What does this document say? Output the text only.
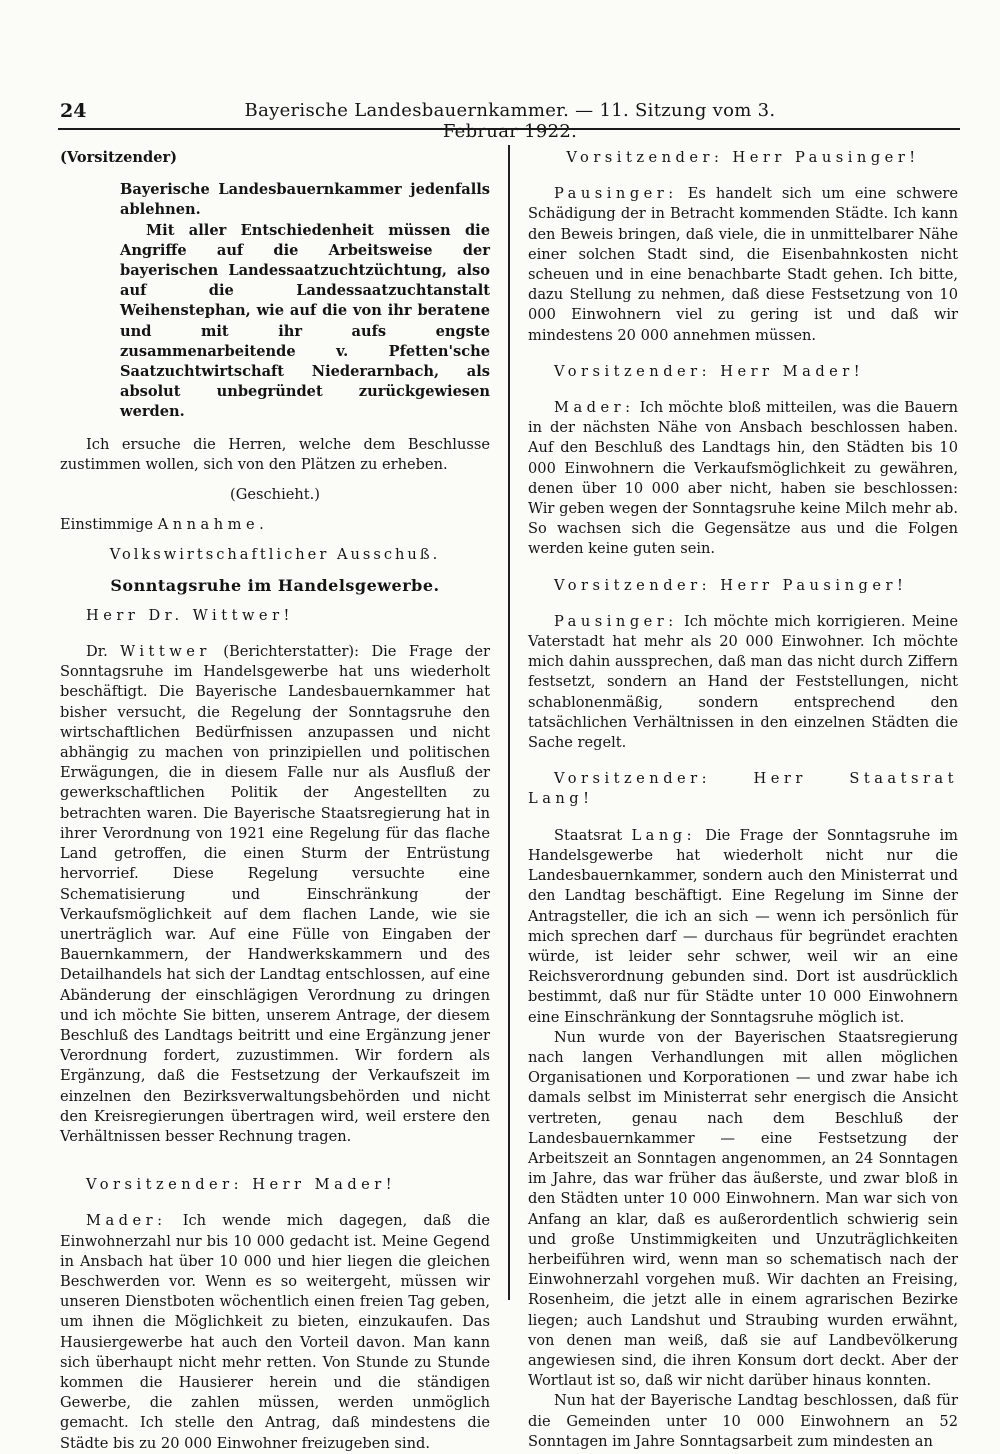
24	Bayerische Landesbauernkammer. — 11. Sitzung vom 3. Februar 1922.

(Vorsitzender)

Bayerische Landesbauernkammer jedenfalls ablehnen.

Mit aller Entschiedenheit müssen die Angriffe auf die Arbeitsweise der bayerischen Landessaatzuchtzüchtung, also auf die Landessaatzuchtanstalt Weihenstephan, wie auf die von ihr beratene und mit ihr aufs engste zusammenarbeitende v. Pfetten'sche Saatzuchtwirtschaft Niederarnbach, als absolut unbegründet zurückgewiesen werden.

Ich ersuche die Herren, welche dem Beschlusse zustimmen wollen, sich von den Plätzen zu erheben.

(Geschieht.)

Einstimmige Annahme.

Volkswirtschaftlicher Ausschuß.

Sonntagsruhe im Handelsgewerbe.

Herr Dr. Wittwer!

Dr. Wittwer (Berichterstatter): Die Frage der Sonntagsruhe im Handelsgewerbe hat uns wiederholt beschäftigt. Die Bayerische Landesbauernkammer hat bisher versucht, die Regelung der Sonntagsruhe den wirtschaftlichen Bedürfnissen anzupassen und nicht abhängig zu machen von prinzipiellen und politischen Erwägungen, die in diesem Falle nur als Ausfluß der gewerkschaftlichen Politik der Angestellten zu betrachten waren. Die Bayerische Staatsregierung hat in ihrer Verordnung von 1921 eine Regelung für das flache Land getroffen, die einen Sturm der Entrüstung hervorrief. Diese Regelung versuchte eine Schematisierung und Einschränkung der Verkaufsmöglichkeit auf dem flachen Lande, wie sie unerträglich war. Auf eine Fülle von Eingaben der Bauernkammern, der Handwerkskammern und des Detailhandels hat sich der Landtag entschlossen, auf eine Abänderung der einschlägigen Verordnung zu dringen und ich möchte Sie bitten, unserem Antrage, der diesem Beschluß des Landtags beitritt und eine Ergänzung jener Verordnung fordert, zuzustimmen. Wir fordern als Ergänzung, daß die Festsetzung der Verkaufszeit im einzelnen den Bezirksverwaltungsbehörden und nicht den Kreisregierungen übertragen wird, weil erstere den Verhältnissen besser Rechnung tragen.

Vorsitzender: Herr Mader!

Mader: Ich wende mich dagegen, daß die Einwohnerzahl nur bis 10 000 gedacht ist. Meine Gegend in Ansbach hat über 10 000 und hier liegen die gleichen Beschwerden vor. Wenn es so weitergeht, müssen wir unseren Dienstboten wöchentlich einen freien Tag geben, um ihnen die Möglichkeit zu bieten, einzukaufen. Das Hausiergewerbe hat auch den Vorteil davon. Man kann sich überhaupt nicht mehr retten. Von Stunde zu Stunde kommen die Hausierer herein und die ständigen Gewerbe, die zahlen müssen, werden unmöglich gemacht. Ich stelle den Antrag, daß mindestens die Städte bis zu 20 000 Einwohner freizugeben sind.

Vorsitzender: Herr Pausinger!

Pausinger: Es handelt sich um eine schwere Schädigung der in Betracht kommenden Städte. Ich kann den Beweis bringen, daß viele, die in unmittelbarer Nähe einer solchen Stadt sind, die Eisenbahnkosten nicht scheuen und in eine benachbarte Stadt gehen. Ich bitte, dazu Stellung zu nehmen, daß diese Festsetzung von 10 000 Einwohnern viel zu gering ist und daß wir mindestens 20 000 annehmen müssen.

Vorsitzender: Herr Mader!

Mader: Ich möchte bloß mitteilen, was die Bauern in der nächsten Nähe von Ansbach beschlossen haben. Auf den Beschluß des Landtags hin, den Städten bis 10 000 Einwohnern die Verkaufsmöglichkeit zu gewähren, denen über 10 000 aber nicht, haben sie beschlossen: Wir geben wegen der Sonntagsruhe keine Milch mehr ab. So wachsen sich die Gegensätze aus und die Folgen werden keine guten sein.

Vorsitzender: Herr Pausinger!

Pausinger: Ich möchte mich korrigieren. Meine Vaterstadt hat mehr als 20 000 Einwohner. Ich möchte mich dahin aussprechen, daß man das nicht durch Ziffern festsetzt, sondern an Hand der Feststellungen, nicht schablonenmäßig, sondern entsprechend den tatsächlichen Verhältnissen in den einzelnen Städten die Sache regelt.

Vorsitzender: Herr Staatsrat Lang!

Staatsrat Lang: Die Frage der Sonntagsruhe im Handelsgewerbe hat wiederholt nicht nur die Landesbauernkammer, sondern auch den Ministerrat und den Landtag beschäftigt. Eine Regelung im Sinne der Antragsteller, die ich an sich — wenn ich persönlich für mich sprechen darf — durchaus für begründet erachten würde, ist leider sehr schwer, weil wir an eine Reichsverordnung gebunden sind. Dort ist ausdrücklich bestimmt, daß nur für Städte unter 10 000 Einwohnern eine Einschränkung der Sonntagsruhe möglich ist.

Nun wurde von der Bayerischen Staatsregierung nach langen Verhandlungen mit allen möglichen Organisationen und Korporationen — und zwar habe ich damals selbst im Ministerrat sehr energisch die Ansicht vertreten, genau nach dem Beschluß der Landesbauernkammer — eine Festsetzung der Arbeitszeit an Sonntagen angenommen, an 24 Sonntagen im Jahre, das war früher das äußerste, und zwar bloß in den Städten unter 10 000 Einwohnern. Man war sich von Anfang an klar, daß es außerordentlich schwierig sein und große Unstimmigkeiten und Unzuträglichkeiten herbeiführen wird, wenn man so schematisch nach der Einwohnerzahl vorgehen muß. Wir dachten an Freising, Rosenheim, die jetzt alle in einem agrarischen Bezirke liegen; auch Landshut und Straubing wurden erwähnt, von denen man weiß, daß sie auf Landbevölkerung angewiesen sind, die ihren Konsum dort deckt. Aber der Wortlaut ist so, daß wir nicht darüber hinaus konnten.

Nun hat der Bayerische Landtag beschlossen, daß für die Gemeinden unter 10 000 Einwohnern an 52 Sonntagen im Jahre Sonntagsarbeit zum mindesten an
